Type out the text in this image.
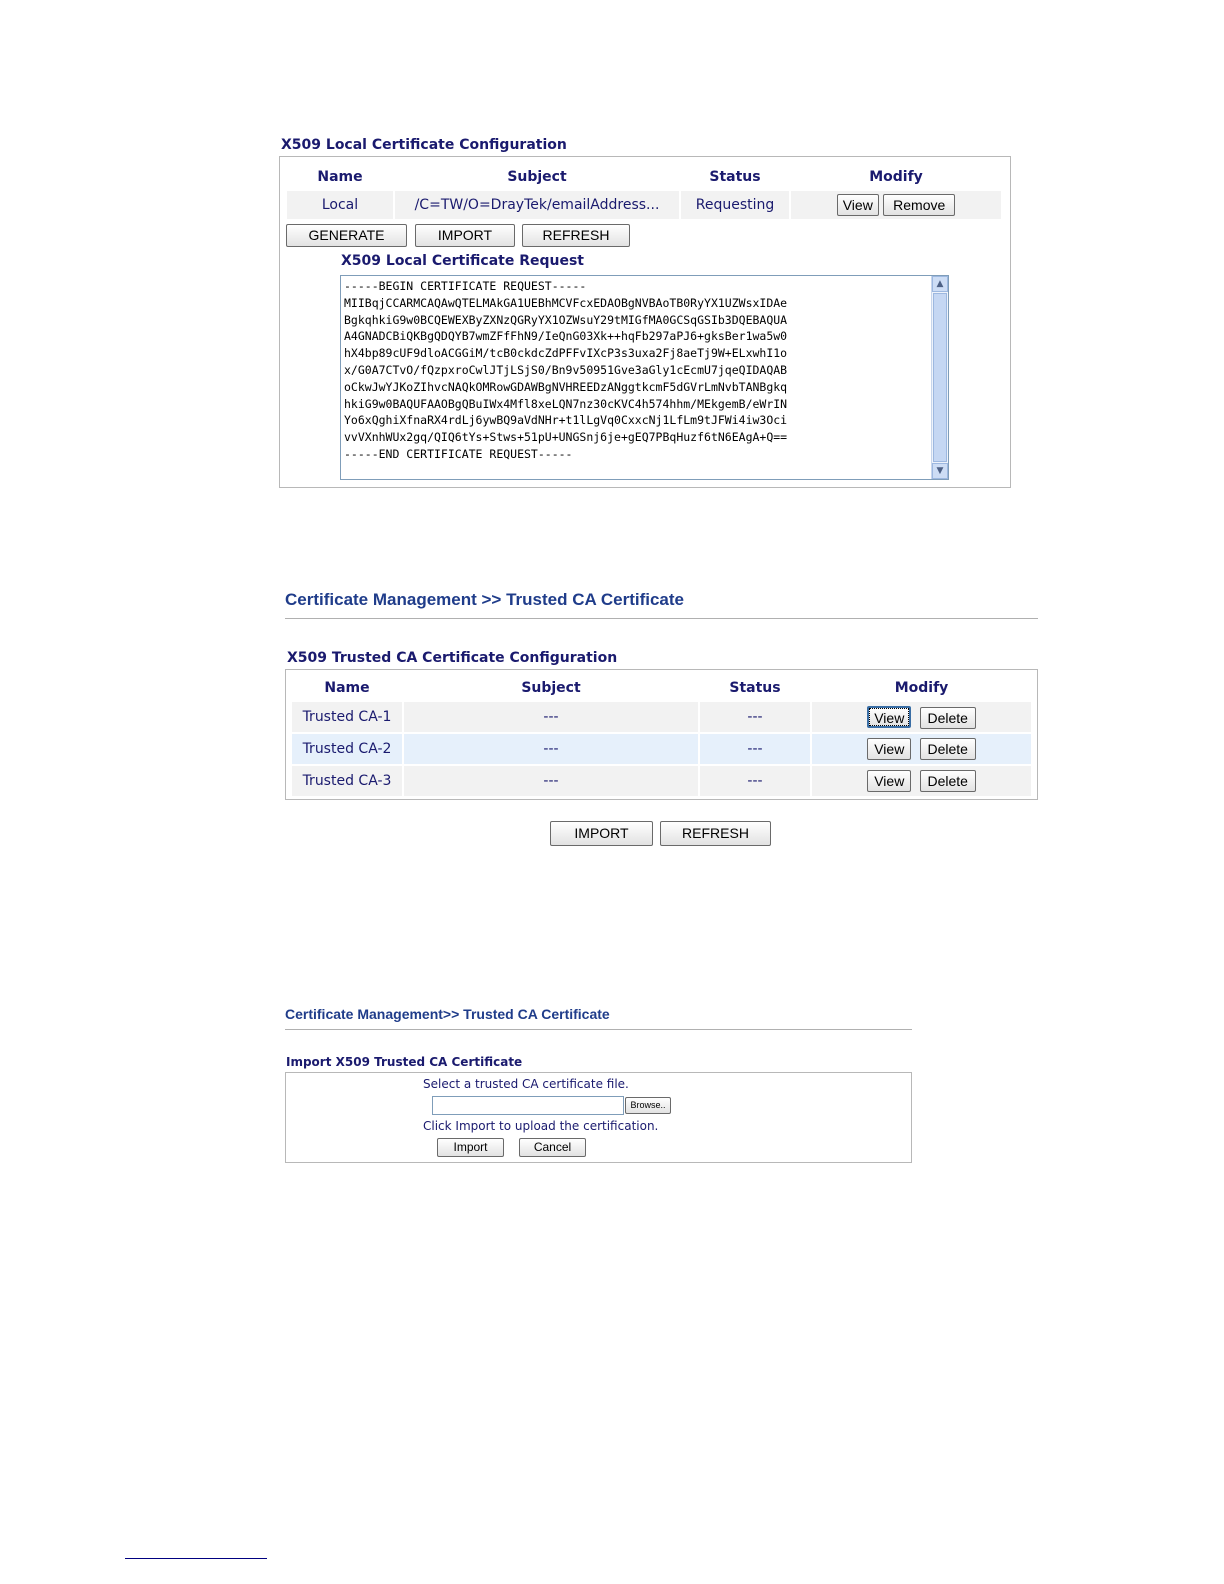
X509 Local Certificate Configuration
Name	Subject	Status	Modify
Local	/C=TW/O=DrayTek/emailAddress...	Requesting	View Remove
GENERATE	IMPORT	REFRESH
X509 Local Certificate Request
-----BEGIN CERTIFICATE REQUEST-----
MIIBqjCCARMCAQAwQTELMAkGA1UEBhMCVFcxEDAOBgNVBAoTB0RyYX1UZWsxIDAe
BgkqhkiG9w0BCQEWEXByZXNzQGRyYX1OZWsuY29tMIGfMA0GCSqGSIb3DQEBAQUA
A4GNADCBiQKBgQDQYB7wmZFfFhN9/IeQnG03Xk++hqFb297aPJ6+gksBer1wa5w0
hX4bp89cUF9dloACGGiM/tcB0ckdcZdPFFvIXcP3s3uxa2Fj8aeTj9W+ELxwhI1o
x/G0A7CTvO/fQzpxroCwlJTjLSjS0/Bn9v50951Gve3aGly1cEcmU7jqeQIDAQAB
oCkwJwYJKoZIhvcNAQkOMRowGDAWBgNVHREEDzANggtkcmF5dGVrLmNvbTANBgkq
hkiG9w0BAQUFAAOBgQBuIWx4Mfl8xeLQN7nz30cKVC4h574hhm/MEkgemB/eWrIN
Yo6xQghiXfnaRX4rdLj6ywBQ9aVdNHr+t1lLgVq0CxxcNj1LfLm9tJFWi4iw3Oci
vvVXnhWUx2gq/QIQ6tYs+Stws+51pU+UNGSnj6je+gEQ7PBqHuzf6tN6EAgA+Q==
-----END CERTIFICATE REQUEST-----
▲
▼
Certificate Management >> Trusted CA Certificate
X509 Trusted CA Certificate Configuration
Name	Subject	Status	Modify
Trusted CA-1	---	---	View Delete
Trusted CA-2	---	---	View Delete
Trusted CA-3	---	---	View Delete
IMPORT	REFRESH
Certificate Management>> Trusted CA Certificate
Import X509 Trusted CA Certificate
Select a trusted CA certificate file.
Browse..
Click Import to upload the certification.
Import	Cancel
